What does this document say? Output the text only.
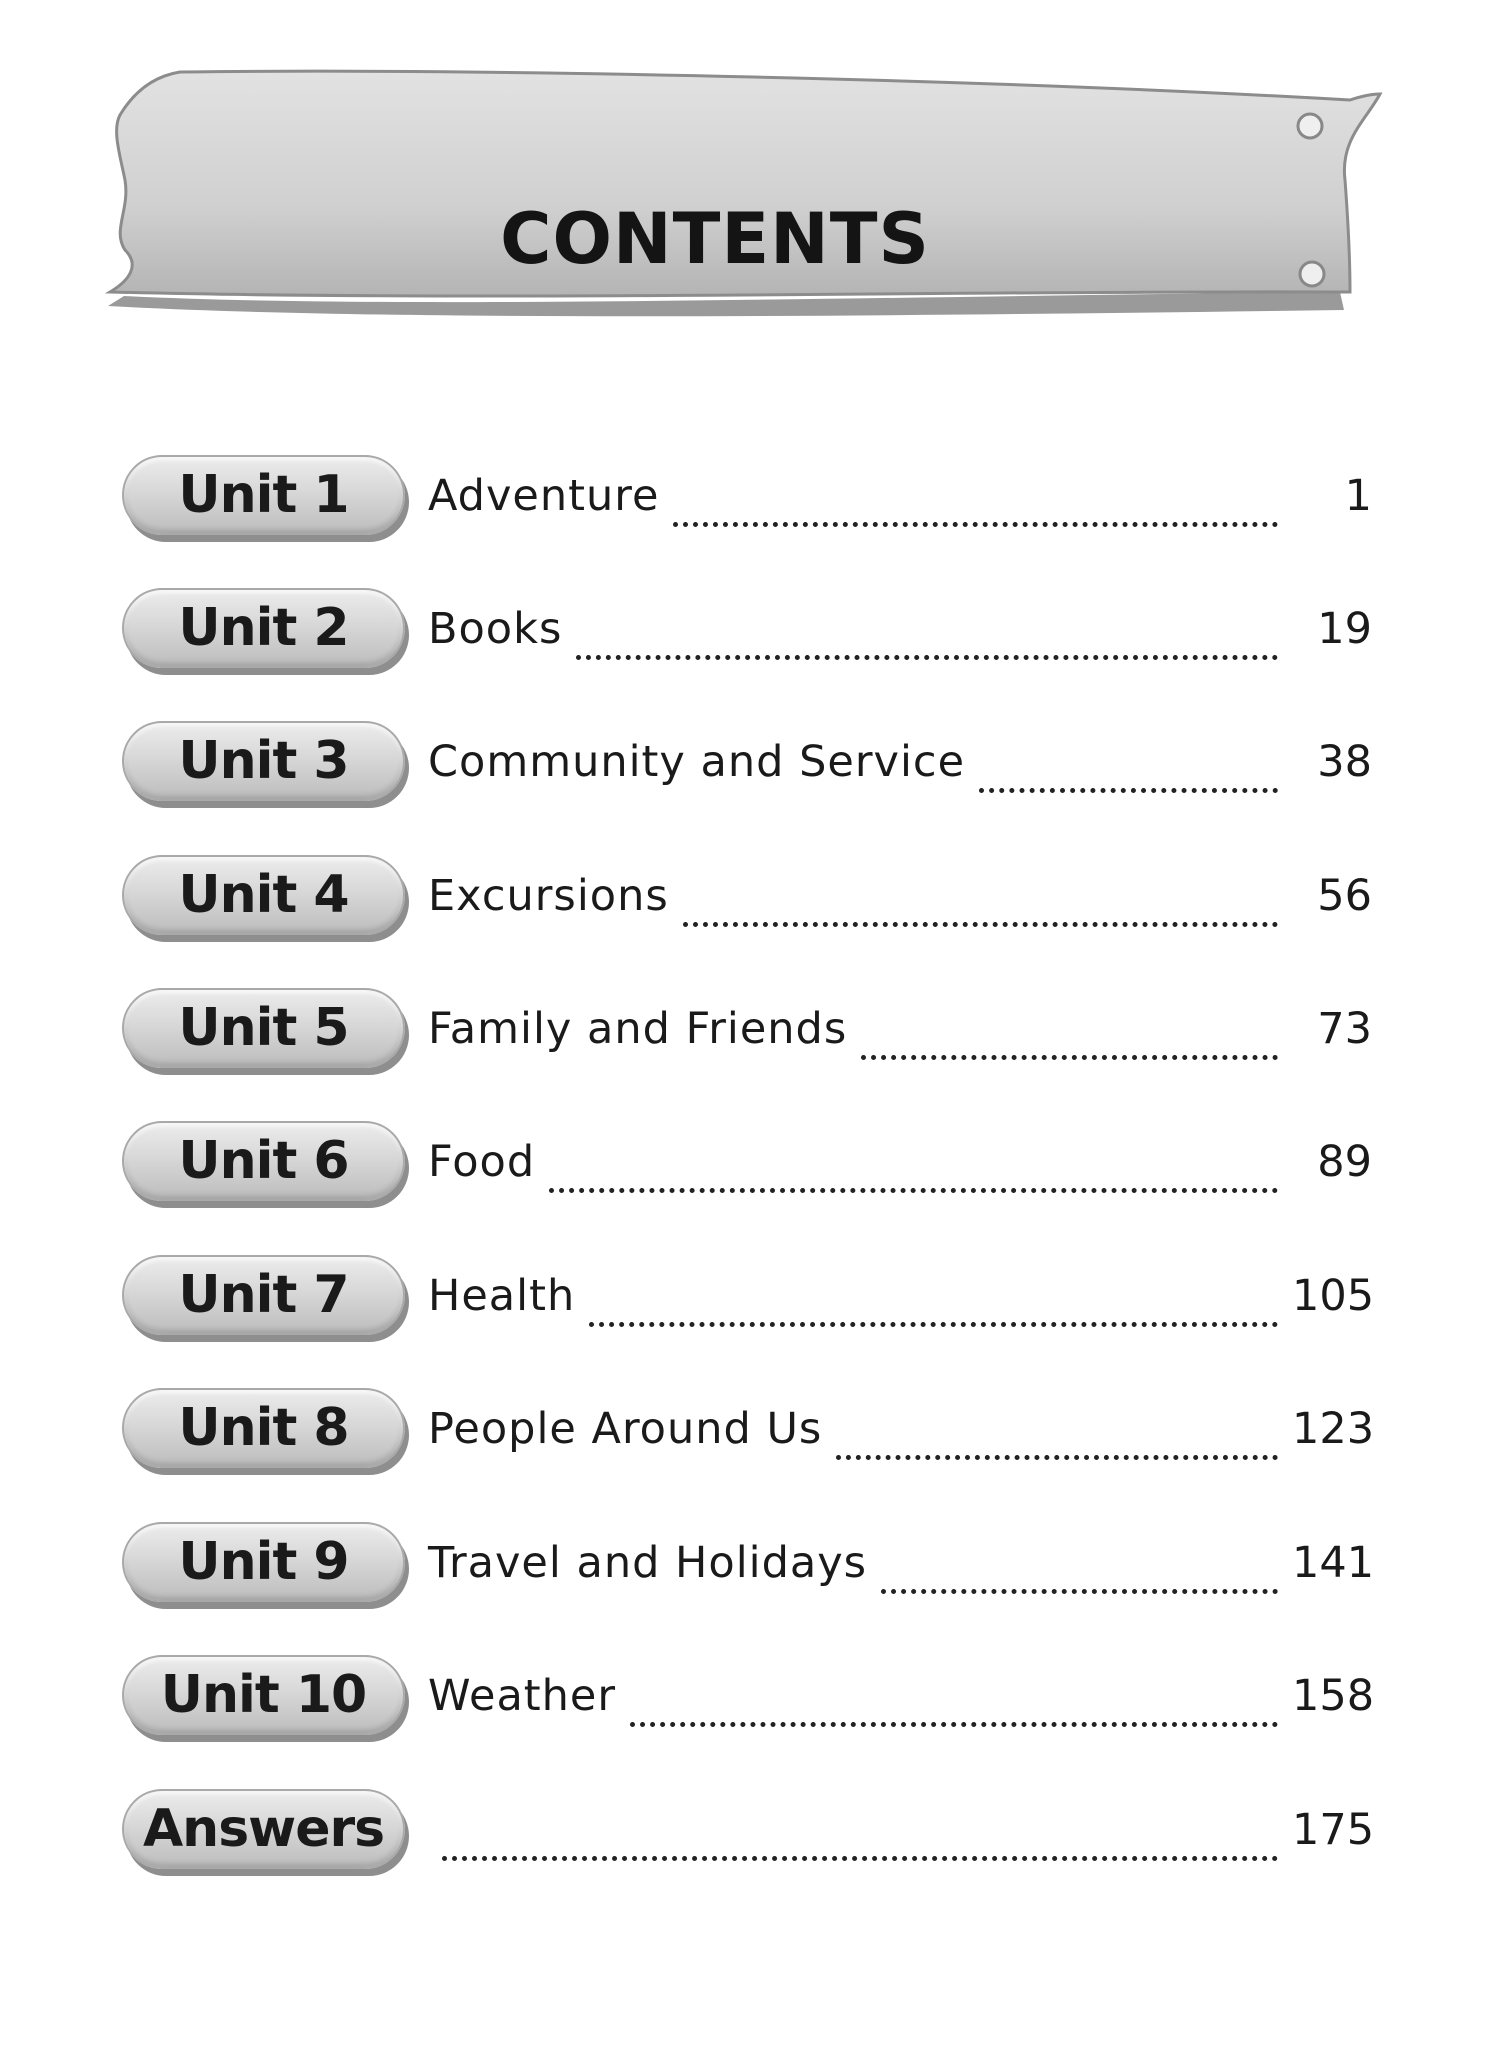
CONTENTS
Unit 1	Adventure	1
Unit 2	Books	19
Unit 3	Community and Service	38
Unit 4	Excursions	56
Unit 5	Family and Friends	73
Unit 6	Food	89
Unit 7	Health	105
Unit 8	People Around Us	123
Unit 9	Travel and Holidays	141
Unit 10	Weather	158
Answers	175
